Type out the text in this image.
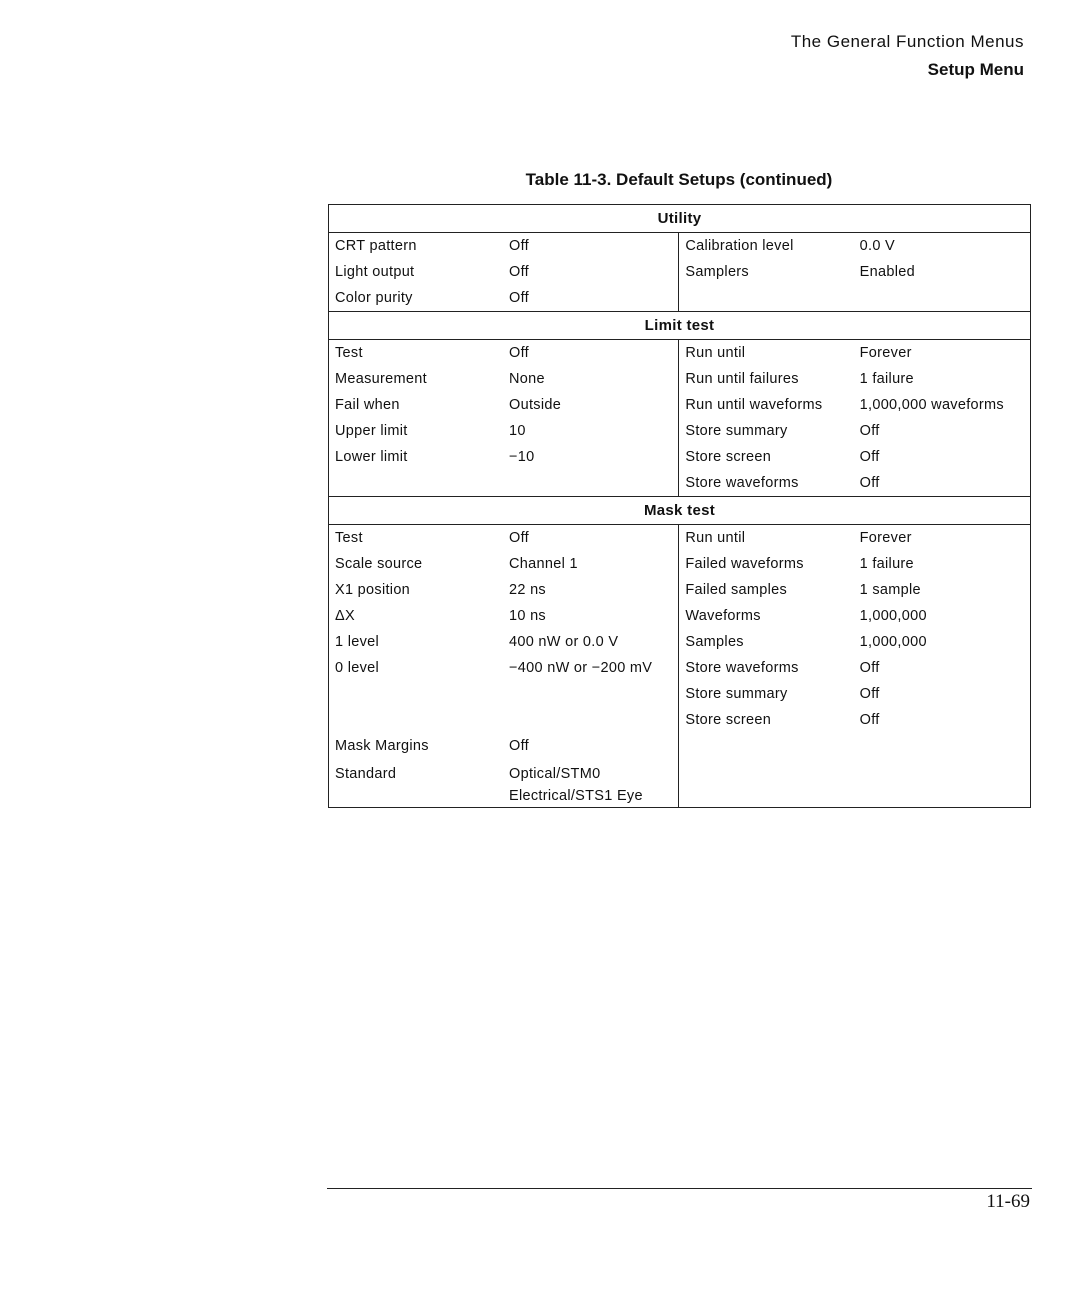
The General Function Menus
Setup Menu
Table 11-3. Default Setups (continued)
Utility			
CRT pattern	Off	Calibration level	0.0 V
Light output	Off	Samplers	Enabled
Color purity	Off		
Limit test			
Test	Off	Run until	Forever
Measurement	None	Run until failures	1 failure
Fail when	Outside	Run until waveforms	1,000,000 waveforms
Upper limit	10	Store summary	Off
Lower limit	−10	Store screen	Off
		Store waveforms	Off
Mask test			
Test	Off	Run until	Forever
Scale source	Channel 1	Failed waveforms	1 failure
X1 position	22 ns	Failed samples	1 sample
ΔX	10 ns	Waveforms	1,000,000
1 level	400 nW or 0.0 V	Samples	1,000,000
0 level	−400 nW or −200 mV	Store waveforms	Off
		Store summary	Off
		Store screen	Off
Mask Margins	Off		
Standard	Optical/STM0
Electrical/STS1 Eye		

11-69
